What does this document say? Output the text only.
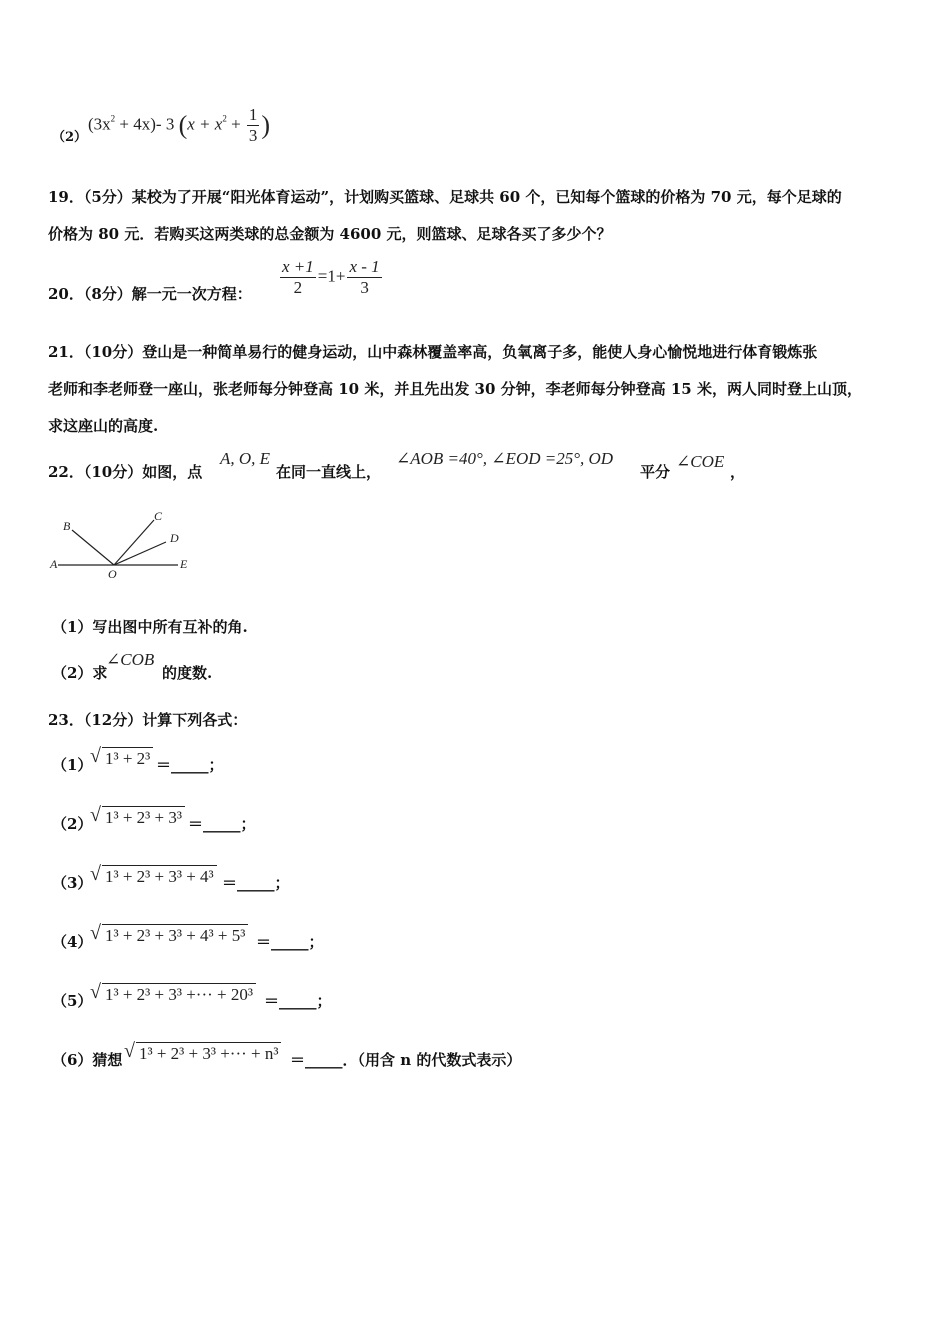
（2）
$(3x^2 + 4x)-$ 3 ($x + x^2 + \frac{1}{3}$ )
19．（5分）某校为了开展“阳光体育运动”，计划购买篮球、足球共 60 个，已知每个篮球的价格为 70 元，每个足球的
价格为 80 元．若购买这两类球的总金额为 4600 元，则篮球、足球各买了多少个？
20．（8分）解一元一次方程： $\frac{x +1}{2} =1+ \frac{x - 1}{3}$
21．（10分）登山是一种简单易行的健身运动，山中森林覆盖率高，负氧离子多，能使人身心愉悦地进行体育锻炼张
老师和李老师登一座山，张老师每分钟登高 10 米，并且先出发 30 分钟，李老师每分钟登高 15 米，两人同时登上山顶，
求这座山的高度.
22．（10分）如图，点
A, O, E
在同一直线上，
∠AOB =40°, ∠EOD =25°, OD
平分
∠COE
，
B
C
D
A
O
E
（1）写出图中所有互补的角.
（2）求
∠COB
的度数.
23．（12分）计算下列各式：
（1）
√ 1³ + 2³ ＝_____；
（2）
√ 1³ + 2³ + 3³ ＝_____；
（3）
√ 1³ + 2³ + 3³ + 4³ ＝_____；
（4）
√ 1³ + 2³ + 3³ + 4³ + 5³ ＝_____；
（5）
√ 1³ + 2³ + 3³ +··· + 20³ ＝_____；
（6）猜想 √ 1³ + 2³ + 3³ +··· + n³ ＝_____．（用含 n 的代数式表示）
